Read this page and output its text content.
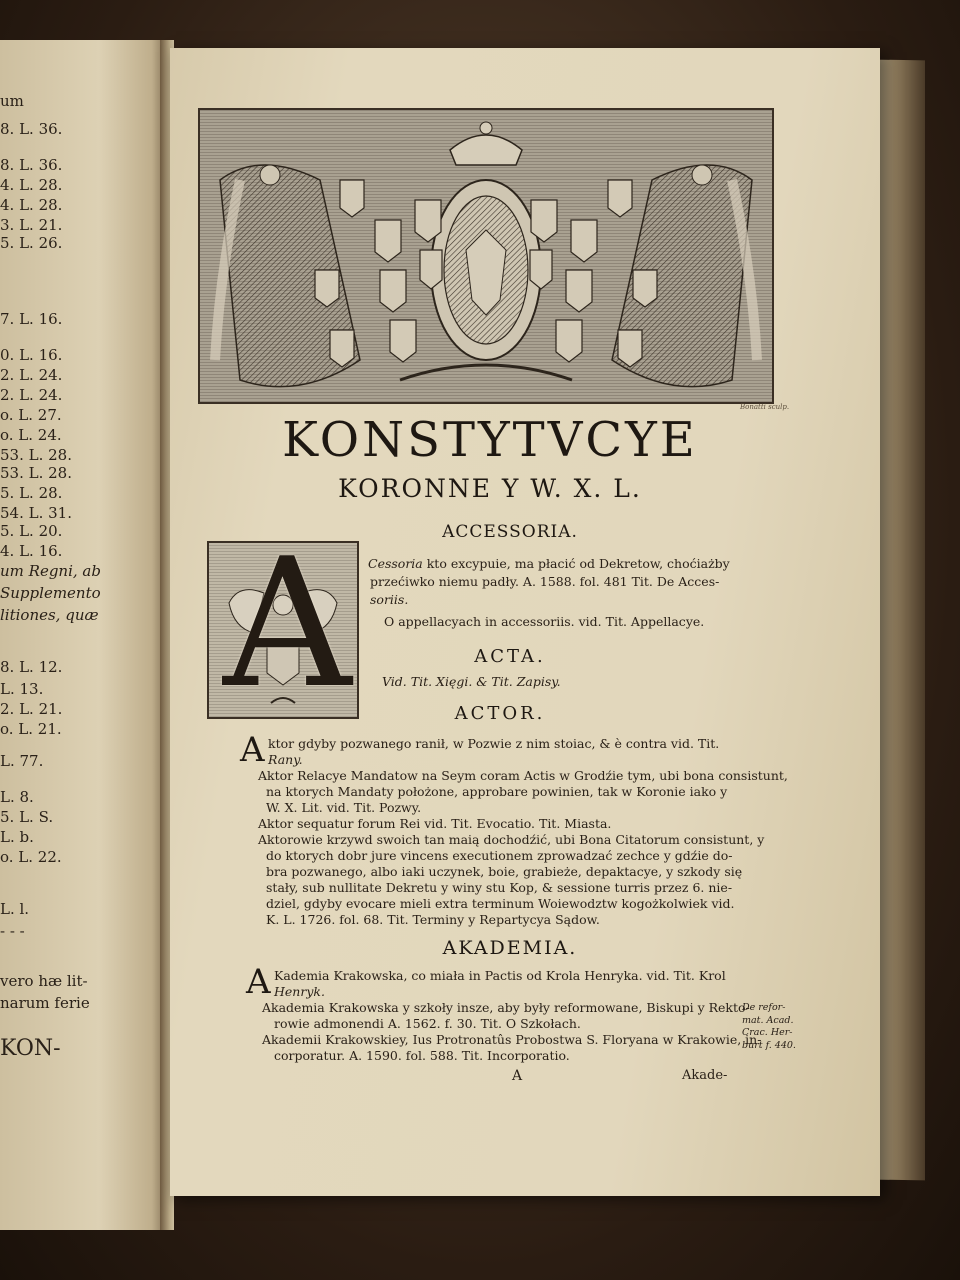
um
8. L. 36.
8. L. 36.
4. L. 28.
4. L. 28.
3. L. 21.
5. L. 26.
7. L. 16.
0. L. 16.
2. L. 24.
2. L. 24.
o. L. 27.
o. L. 24.
53. L. 28.
53. L. 28.
5. L. 28.
54. L. 31.
5. L. 20.
4. L. 16.
um Regni, ab
Supplemento
litiones, quæ
8. L. 12.
L. 13.
2. L. 21.
o. L. 21.
L. 77.
L. 8.
5. L. S.
L. b.
o. L. 22.
L. l.
- - -
vero hæ lit-
narum ferie
KON-
Bonatti sculp.
KONSTYTVCYE
KORONNE Y W. X. L.
ACCESSORIA.
A Cessoria kto excypuie, ma płacić od Dekretow, choćiażby
przećiwko niemu padły. A. 1588. fol. 481 Tit. De Acces-
soriis.
O appellacyach in accessoriis. vid. Tit. Appellacye.
ACTA.
Vid. Tit. Xięgi. & Tit. Zapisy.
ACTOR.
A ktor gdyby pozwanego ranił, w Pozwie z nim stoiac, & è contra vid. Tit.
Rany.
Aktor Relacye Mandatow na Seym coram Actis w Grodźie tym, ubi bona consistunt,
na ktorych Mandaty położone, approbare powinien, tak w Koronie iako y
W. X. Lit. vid. Tit. Pozwy.
Aktor sequatur forum Rei vid. Tit. Evocatio. Tit. Miasta.
Aktorowie krzywd swoich tan maią dochodźić, ubi Bona Citatorum consistunt, y
do ktorych dobr jure vincens executionem zprowadzać zechce y gdźie do-
bra pozwanego, albo iaki uczynek, boie, grabieże, depaktacye, y szkody się
stały, sub nullitate Dekretu y winy stu Kop, & sessione turris przez 6. nie-
dziel, gdyby evocare mieli extra terminum Woiewodztw kogożkolwiek vid.
K. L. 1726. fol. 68. Tit. Terminy y Repartycya Sądow.
AKADEMIA.
A Kademia Krakowska, co miała in Pactis od Krola Henryka. vid. Tit. Krol
Henryk.
Akademia Krakowska y szkoły insze, aby były reformowane, Biskupi y Rekto-
rowie admonendi A. 1562. f. 30. Tit. O Szkołach.
Akademii Krakowskiey, Ius Protronatûs Probostwa S. Floryana w Krakowie, in-
corporatur. A. 1590. fol. 588. Tit. Incorporatio.
De refor-mat. Acad. Crac. Her-burt f. 440.
A	Akade-
